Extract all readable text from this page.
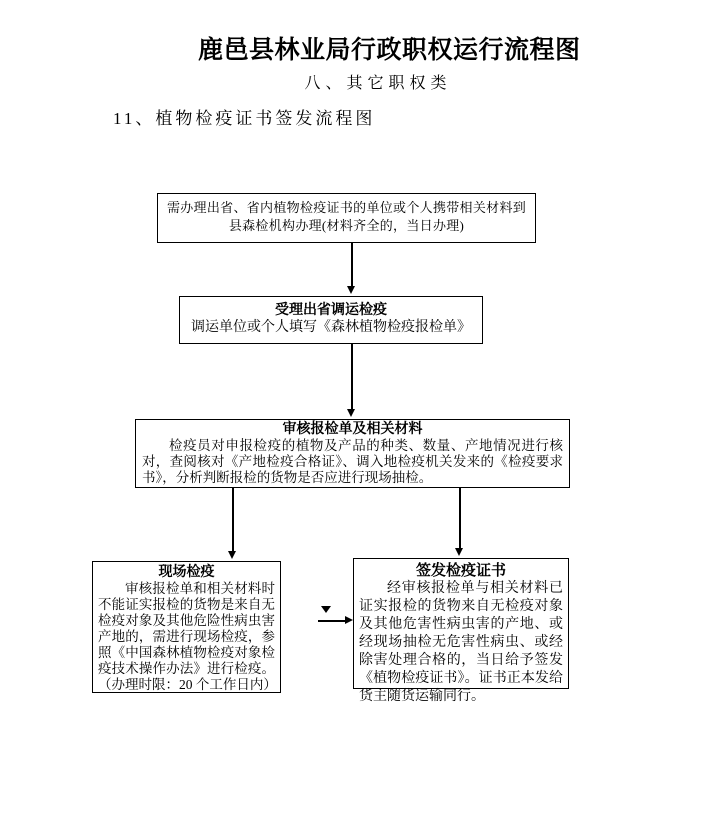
鹿邑县林业局行政职权运行流程图
八、其它职权类
11、植物检疫证书签发流程图
需办理出省、省内植物检疫证书的单位或个人携带相关材料到县森检机构办理(材料齐全的，当日办理)
受理出省调运检疫
调运单位或个人填写《森林植物检疫报检单》
审核报检单及相关材料
检疫员对申报检疫的植物及产品的种类、数量、产地情况进行核对，查阅核对《产地检疫合格证》、调入地检疫机关发来的《检疫要求书》，分析判断报检的货物是否应进行现场抽检。
现场检疫
审核报检单和相关材料时不能证实报检的货物是来自无检疫对象及其他危险性病虫害产地的，需进行现场检疫，参照《中国森林植物检疫对象检疫技术操作办法》进行检疫。（办理时限：20 个工作日内）
签发检疫证书
经审核报检单与相关材料已证实报检的货物来自无检疫对象及其他危害性病虫害的产地、或经现场抽检无危害性病虫、或经除害处理合格的，当日给予签发《植物检疫证书》。证书正本发给货主随货运输同行。
